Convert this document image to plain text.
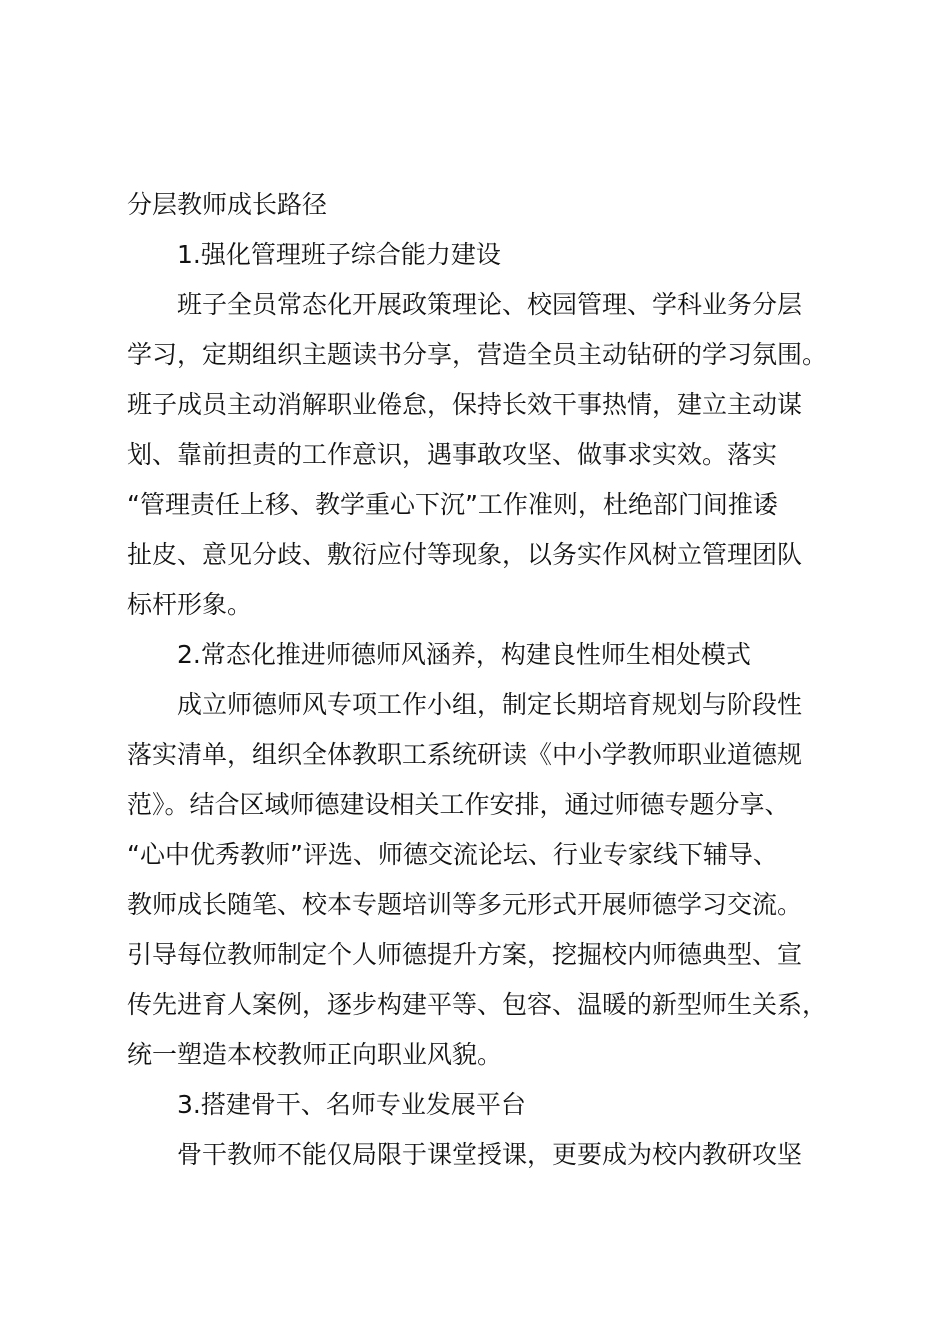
分层教师成长路径

1.强化管理班子综合能力建设

班子全员常态化开展政策理论、校园管理、学科业务分层

学习，定期组织主题读书分享，营造全员主动钻研的学习氛围。

班子成员主动消解职业倦怠，保持长效干事热情，建立主动谋

划、靠前担责的工作意识，遇事敢攻坚、做事求实效。落实

“管理责任上移、教学重心下沉”工作准则，杜绝部门间推诿

扯皮、意见分歧、敷衍应付等现象，以务实作风树立管理团队

标杆形象。

2.常态化推进师德师风涵养，构建良性师生相处模式

成立师德师风专项工作小组，制定长期培育规划与阶段性

落实清单，组织全体教职工系统研读《中小学教师职业道德规

范》。结合区域师德建设相关工作安排，通过师德专题分享、

“心中优秀教师”评选、师德交流论坛、行业专家线下辅导、

教师成长随笔、校本专题培训等多元形式开展师德学习交流。

引导每位教师制定个人师德提升方案，挖掘校内师德典型、宣

传先进育人案例，逐步构建平等、包容、温暖的新型师生关系，

统一塑造本校教师正向职业风貌。

3.搭建骨干、名师专业发展平台

骨干教师不能仅局限于课堂授课，更要成为校内教研攻坚
